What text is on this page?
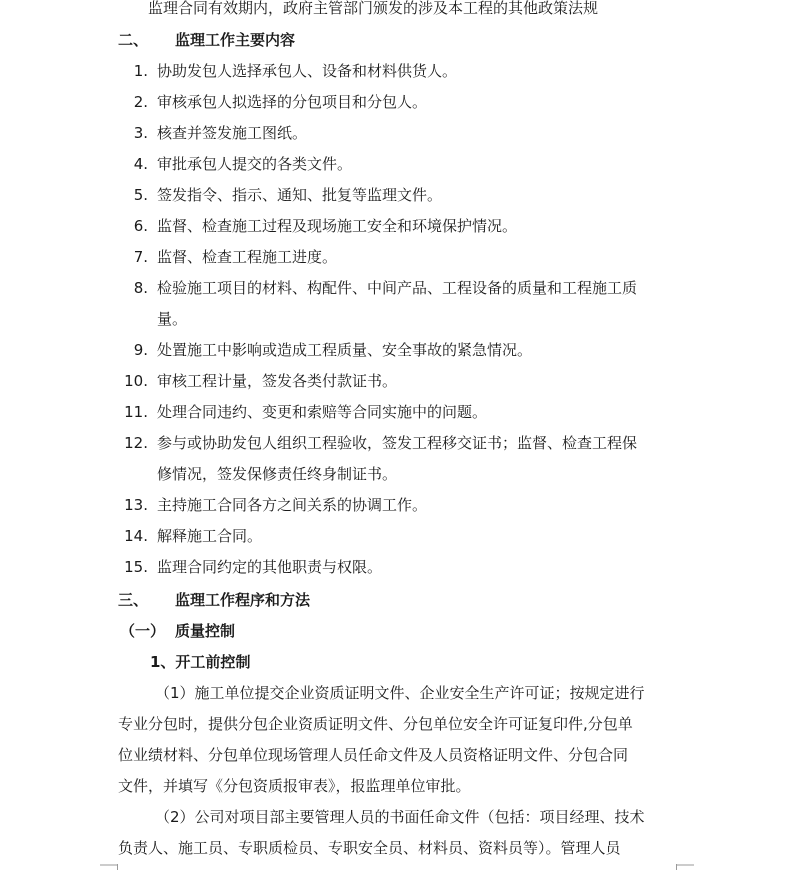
监理合同有效期内，政府主管部门颁发的涉及本工程的其他政策法规
二、 监理工作主要内容
1. 协助发包人选择承包人、设备和材料供货人。
2. 审核承包人拟选择的分包项目和分包人。
3. 核查并签发施工图纸。
4. 审批承包人提交的各类文件。
5. 签发指令、指示、通知、批复等监理文件。
6. 监督、检查施工过程及现场施工安全和环境保护情况。
7. 监督、检查工程施工进度。
8. 检验施工项目的材料、构配件、中间产品、工程设备的质量和工程施工质
量。
9. 处置施工中影响或造成工程质量、安全事故的紧急情况。
10. 审核工程计量，签发各类付款证书。
11. 处理合同违约、变更和索赔等合同实施中的问题。
12. 参与或协助发包人组织工程验收，签发工程移交证书；监督、检查工程保
修情况，签发保修责任终身制证书。
13. 主持施工合同各方之间关系的协调工作。
14. 解释施工合同。
15. 监理合同约定的其他职责与权限。
三、 监理工作程序和方法
（一） 质量控制
1、开工前控制
（1）施工单位提交企业资质证明文件、企业安全生产许可证；按规定进行
专业分包时，提供分包企业资质证明文件、分包单位安全许可证复印件,分包单
位业绩材料、分包单位现场管理人员任命文件及人员资格证明文件、分包合同
文件，并填写《分包资质报审表》，报监理单位审批。
（2）公司对项目部主要管理人员的书面任命文件（包括：项目经理、技术
负责人、施工员、专职质检员、专职安全员、材料员、资料员等）。管理人员
